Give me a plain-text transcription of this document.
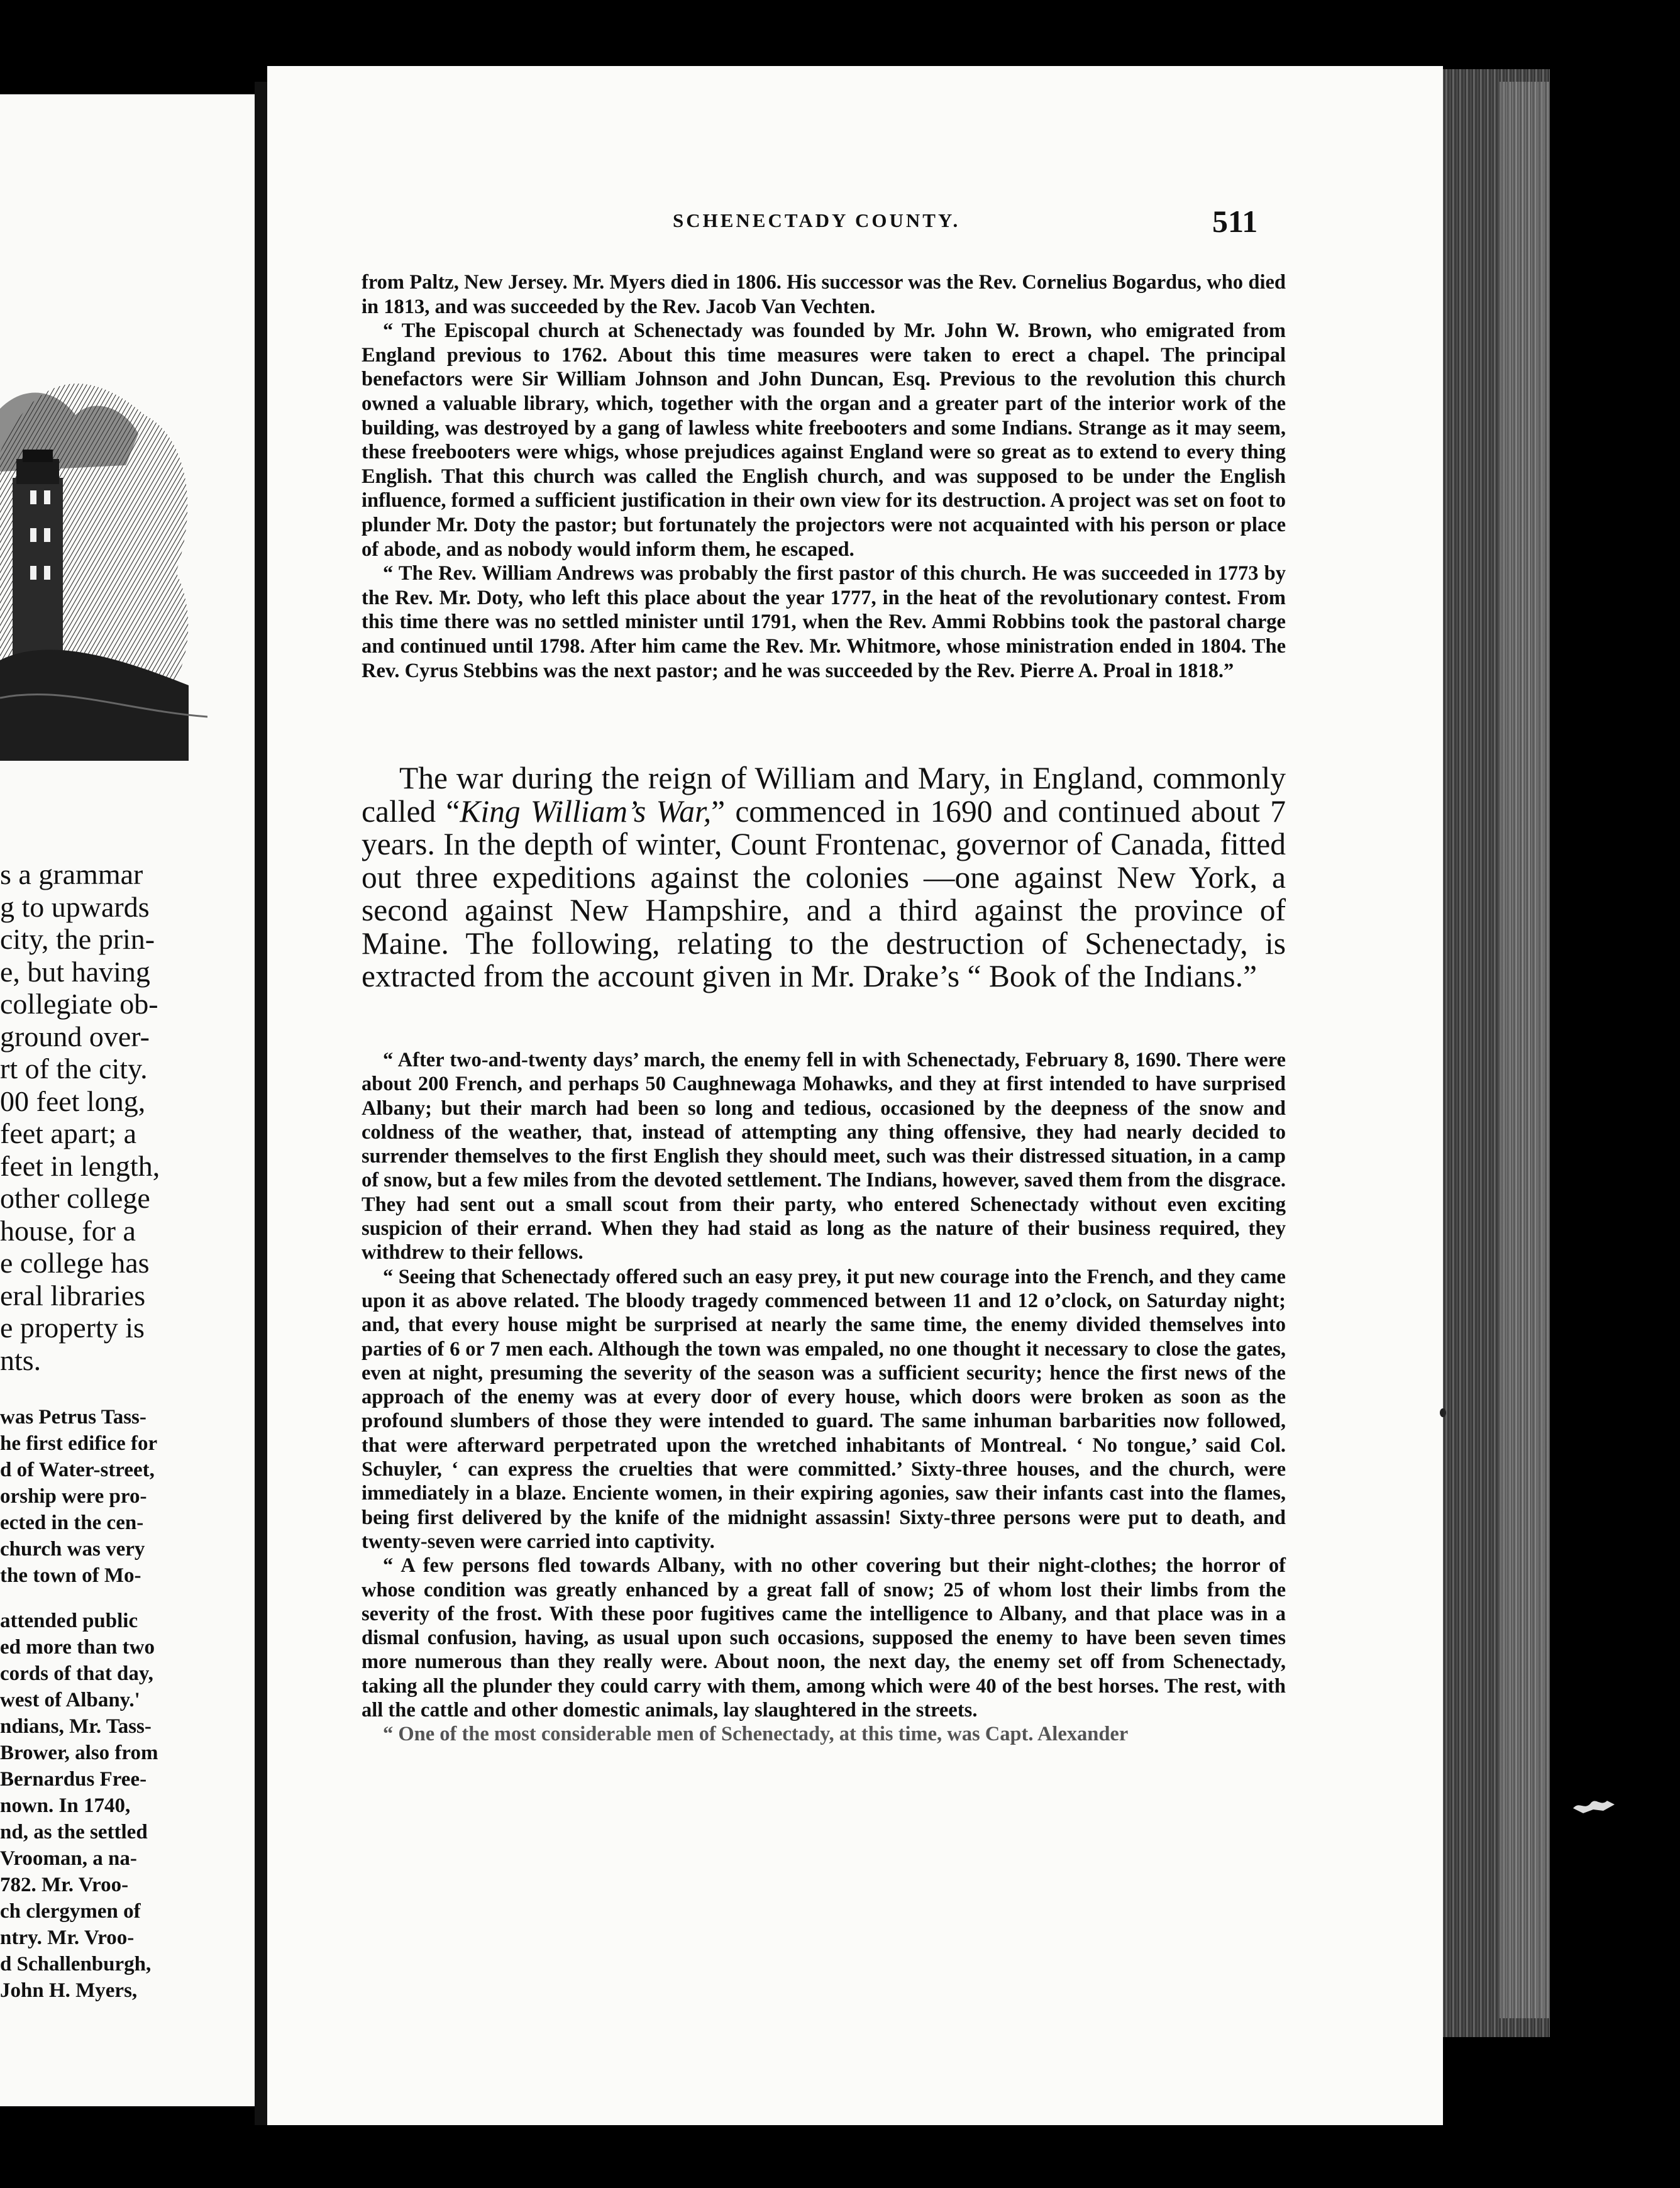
s a grammar
g to upwards
city, the prin-
e, but having
collegiate ob-
ground over-
rt of the city.
00 feet long,
feet apart; a
feet in length,
other college
house, for a
e college has
eral libraries
e property is
nts.
was Petrus Tass-
he first edifice for
d of Water-street,
orship were pro-
ected in the cen-
church was very
the town of Mo-
attended public
ed more than two
cords of that day,
west of Albany.'
ndians, Mr. Tass-
Brower, also from
Bernardus Free-
nown. In 1740,
nd, as the settled
Vrooman, a na-
782. Mr. Vroo-
ch clergymen of
ntry. Mr. Vroo-
d Schallenburgh,
John H. Myers,
SCHENECTADY COUNTY.	511

from Paltz, New Jersey. Mr. Myers died in 1806. His successor was the Rev. Cornelius Bogardus, who died in 1813, and was succeeded by the Rev. Jacob Van Vechten.

“ The Episcopal church at Schenectady was founded by Mr. John W. Brown, who emigrated from England previous to 1762. About this time measures were taken to erect a chapel. The principal benefactors were Sir William Johnson and John Duncan, Esq. Previous to the revolution this church owned a valuable library, which, together with the organ and a greater part of the interior work of the building, was destroyed by a gang of lawless white freebooters and some Indians. Strange as it may seem, these freebooters were whigs, whose prejudices against England were so great as to extend to every thing English. That this church was called the English church, and was supposed to be under the English influence, formed a sufficient justification in their own view for its destruction. A project was set on foot to plunder Mr. Doty the pastor; but fortunately the projectors were not acquainted with his person or place of abode, and as nobody would inform them, he escaped.

“ The Rev. William Andrews was probably the first pastor of this church. He was succeeded in 1773 by the Rev. Mr. Doty, who left this place about the year 1777, in the heat of the revolutionary contest. From this time there was no settled minister until 1791, when the Rev. Ammi Robbins took the pastoral charge and continued until 1798. After him came the Rev. Mr. Whitmore, whose ministration ended in 1804. The Rev. Cyrus Stebbins was the next pastor; and he was succeeded by the Rev. Pierre A. Proal in 1818.”

The war during the reign of William and Mary, in England, commonly called “King William’s War,” commenced in 1690 and continued about 7 years. In the depth of winter, Count Frontenac, governor of Canada, fitted out three expeditions against the colonies —one against New York, a second against New Hampshire, and a third against the province of Maine. The following, relating to the destruction of Schenectady, is extracted from the account given in Mr. Drake’s “ Book of the Indians.”

“ After two-and-twenty days’ march, the enemy fell in with Schenectady, February 8, 1690. There were about 200 French, and perhaps 50 Caughnewaga Mohawks, and they at first intended to have surprised Albany; but their march had been so long and tedious, occasioned by the deepness of the snow and coldness of the weather, that, instead of attempting any thing offensive, they had nearly decided to surrender themselves to the first English they should meet, such was their distressed situation, in a camp of snow, but a few miles from the devoted settlement. The Indians, however, saved them from the disgrace. They had sent out a small scout from their party, who entered Schenectady without even exciting suspicion of their errand. When they had staid as long as the nature of their business required, they withdrew to their fellows.

“ Seeing that Schenectady offered such an easy prey, it put new courage into the French, and they came upon it as above related. The bloody tragedy commenced between 11 and 12 o’clock, on Saturday night; and, that every house might be surprised at nearly the same time, the enemy divided themselves into parties of 6 or 7 men each. Although the town was empaled, no one thought it necessary to close the gates, even at night, presuming the severity of the season was a sufficient security; hence the first news of the approach of the enemy was at every door of every house, which doors were broken as soon as the profound slumbers of those they were intended to guard. The same inhuman barbarities now followed, that were afterward perpetrated upon the wretched inhabitants of Montreal. ‘ No tongue,’ said Col. Schuyler, ‘ can express the cruelties that were committed.’ Sixty-three houses, and the church, were immediately in a blaze. Enciente women, in their expiring agonies, saw their infants cast into the flames, being first delivered by the knife of the midnight assassin! Sixty-three persons were put to death, and twenty-seven were carried into captivity.

“ A few persons fled towards Albany, with no other covering but their night-clothes; the horror of whose condition was greatly enhanced by a great fall of snow; 25 of whom lost their limbs from the severity of the frost. With these poor fugitives came the intelligence to Albany, and that place was in a dismal confusion, having, as usual upon such occasions, supposed the enemy to have been seven times more numerous than they really were. About noon, the next day, the enemy set off from Schenectady, taking all the plunder they could carry with them, among which were 40 of the best horses. The rest, with all the cattle and other domestic animals, lay slaughtered in the streets.

“ One of the most considerable men of Schenectady, at this time, was Capt. Alexander
